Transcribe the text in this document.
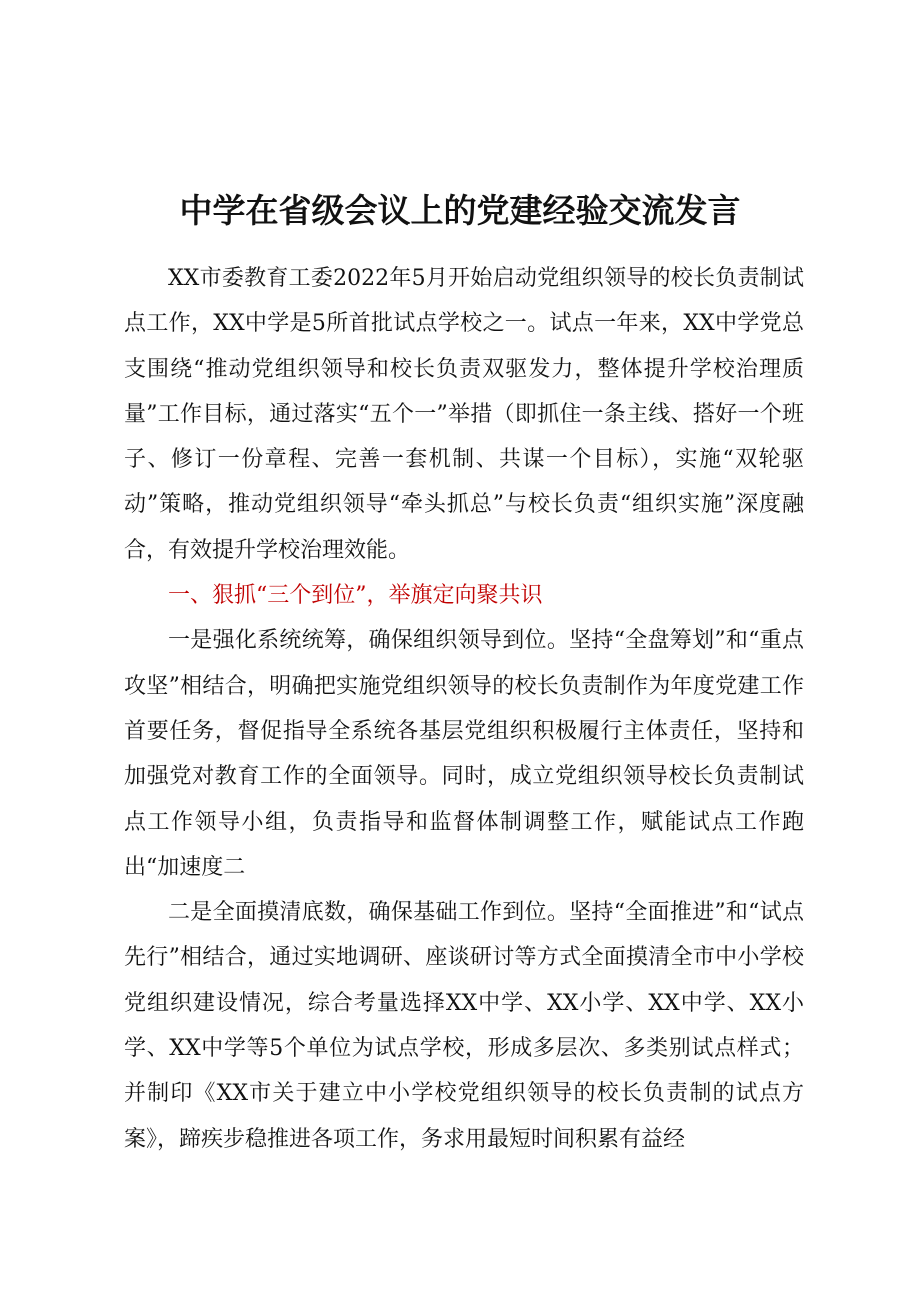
中学在省级会议上的党建经验交流发言

XX市委教育工委2022年5月开始启动党组织领导的校长负责制试点工作，XX中学是5所首批试点学校之一。试点一年来，XX中学党总支围绕“推动党组织领导和校长负责双驱发力，整体提升学校治理质量”工作目标，通过落实“五个一”举措（即抓住一条主线、搭好一个班子、修订一份章程、完善一套机制、共谋一个目标），实施“双轮驱动”策略，推动党组织领导“牵头抓总”与校长负责“组织实施”深度融合，有效提升学校治理效能。

一、狠抓“三个到位”，举旗定向聚共识

一是强化系统统筹，确保组织领导到位。坚持“全盘筹划”和“重点攻坚”相结合，明确把实施党组织领导的校长负责制作为年度党建工作首要任务，督促指导全系统各基层党组织积极履行主体责任，坚持和加强党对教育工作的全面领导。同时，成立党组织领导校长负责制试点工作领导小组，负责指导和监督体制调整工作，赋能试点工作跑出“加速度二

二是全面摸清底数，确保基础工作到位。坚持“全面推进”和“试点先行”相结合，通过实地调研、座谈研讨等方式全面摸清全市中小学校党组织建设情况，综合考量选择XX中学、XX小学、XX中学、XX小学、XX中学等5个单位为试点学校，形成多层次、多类别试点样式；并制印《XX市关于建立中小学校党组织领导的校长负责制的试点方案》，蹄疾步稳推进各项工作，务求用最短时间积累有益经
